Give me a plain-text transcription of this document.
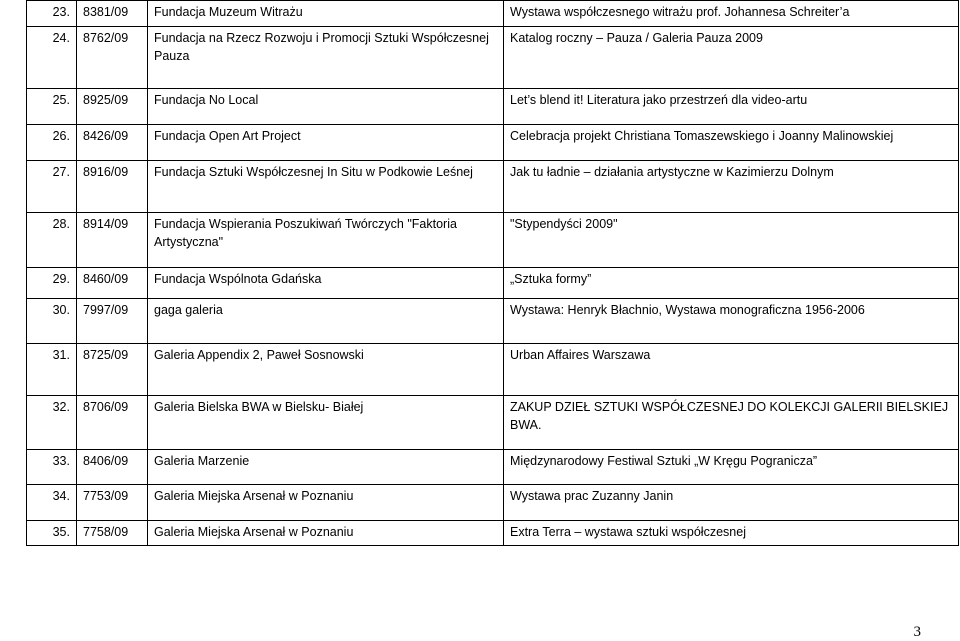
23.	8381/09	Fundacja Muzeum Witrażu	Wystawa współczesnego witrażu prof. Johannesa Schreiter’a
24.	8762/09	Fundacja na Rzecz Rozwoju i Promocji Sztuki Współczesnej Pauza	Katalog roczny – Pauza / Galeria Pauza 2009
25.	8925/09	Fundacja No Local	Let’s blend it! Literatura jako przestrzeń dla video-artu
26.	8426/09	Fundacja Open Art Project	Celebracja projekt Christiana Tomaszewskiego i Joanny Malinowskiej
27.	8916/09	Fundacja Sztuki Współczesnej In Situ w Podkowie Leśnej	Jak tu ładnie – działania artystyczne w Kazimierzu Dolnym
28.	8914/09	Fundacja Wspierania Poszukiwań Twórczych "Faktoria Artystyczna"	"Stypendyści 2009"
29.	8460/09	Fundacja Wspólnota Gdańska	„Sztuka formy”
30.	7997/09	gaga galeria	Wystawa: Henryk Błachnio, Wystawa monograficzna 1956-2006
31.	8725/09	Galeria Appendix 2, Paweł Sosnowski	Urban Affaires Warszawa
32.	8706/09	Galeria Bielska BWA w Bielsku- Białej	ZAKUP DZIEŁ SZTUKI WSPÓŁCZESNEJ DO KOLEKCJI GALERII BIELSKIEJ BWA.
33.	8406/09	Galeria Marzenie	Międzynarodowy Festiwal Sztuki „W Kręgu Pogranicza”
34.	7753/09	Galeria Miejska Arsenał w Poznaniu	Wystawa prac Zuzanny Janin
35.	7758/09	Galeria Miejska Arsenał w Poznaniu	Extra Terra – wystawa sztuki współczesnej
3
